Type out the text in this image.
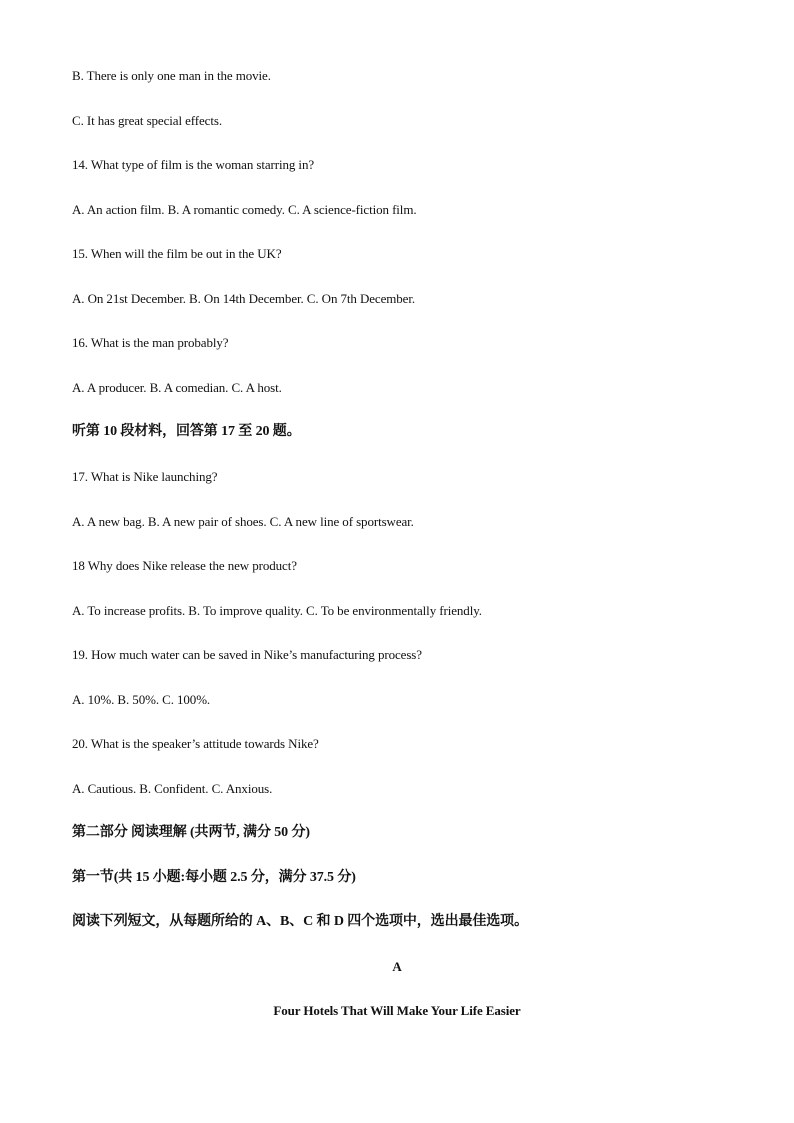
B. There is only one man in the movie.
C. It has great special effects.
14. What type of film is the woman starring in?
A. An action film. B. A romantic comedy. C. A science-fiction film.
15. When will the film be out in the UK?
A. On 21st December. B. On 14th December. C. On 7th December.
16. What is the man probably?
A. A producer. B. A comedian. C. A host.
听第 10 段材料，回答第 17 至 20 题。
17. What is Nike launching?
A. A new bag. B. A new pair of shoes. C. A new line of sportswear.
18 Why does Nike release the new product?
A. To increase profits. B. To improve quality. C. To be environmentally friendly.
19. How much water can be saved in Nike’s manufacturing process?
A. 10%. B. 50%. C. 100%.
20. What is the speaker’s attitude towards Nike?
A. Cautious. B. Confident. C. Anxious.
第二部分 阅读理解 (共两节, 满分 50 分)
第一节(共 15 小题:每小题 2.5 分，满分 37.5 分)
阅读下列短文，从每题所给的 A、B、C 和 D 四个选项中，选出最佳选项。
A
Four Hotels That Will Make Your Life Easier
